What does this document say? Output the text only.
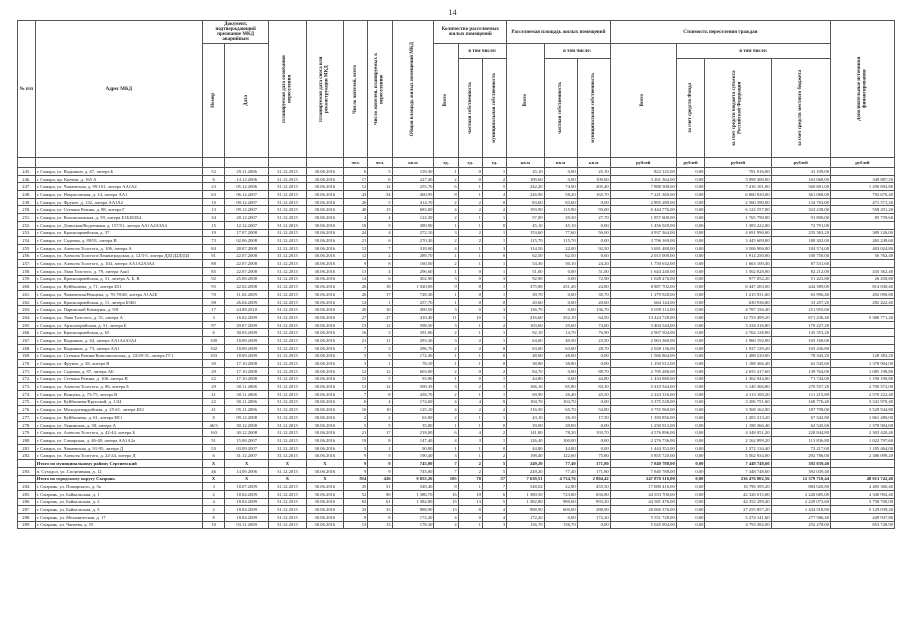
14
№ п/п	Адрес МКД	Документ, подтверждающий признание МКД аварийным		Планируемая дата окончания переселения	Планируемая дата сноса или реконструкции МКД	Число жителей, всего	Число жителей, планируемых к переселению	Общая площадь жилых помещений МКД	Количество расселяемых жилых помещений			Расселяемая площадь жилых помещений			Стоимость переселения граждан				Дополнительные источники финансирования

		Номер	Дата						Всего	в том числе:		Всего	в том числе:		Всего	в том числе:			

										частная собственность	муниципальная собственность		частная собственность	муниципальная собственность		за счет средств Фонда	за счет средств бюджета субъекта Российской Федерации	за счет средств местного бюджета	

						чел.	чел.	кв.м	ед.	ед.	ед.	кв.м	кв.м	кв.м	рублей	рублей	рублей	рублей	рублей
245.	г. Самара, ул. Водников, д. 67, литера Б	52	29.11.2006	31.12.2015	30.06.2016	6	5	159,30	1	0	1	25,10	0,00	25,10	822 125,00	0,00	781 016,00	41 109,00	
246.	г. Самара, пр. Киевов, д. 165 А	6	14.12.2006	31.12.2015	30.06.2016	17	6	227,40	2	0	2	109,60	0,00	109,60	3 261 364,00	0,00	3 098 300,00	163 068,00	349 887,20
247.	г. Самара, ул. Чапаевская, д. 99-101, литера АА1А2	23	05.12.2006	31.12.2015	30.06.2016	12	12	255,70	6	1	5	242,20	74,90	205,40	7 888 508,00	0,00	7 416 101,00	560 681,00	1 290 692,80
248.	г. Самара, ул. Некрасовская, д. 14, литера АА1	63	06.12.2007	31.12.2015	30.06.2016	43	34	460,95	8	1	4	226,90	58,20	165,70	7 221 360,00	0,00	6 860 920,00	361 068,00	792 670,40
249.	г. Самара, ул. Фрунзе, д. 132, литера АА1А2	10	09.12.2007	31.12.2015	30.06.2016	20	5	414,70	2	2	0	83,60	83,60	0,00	2 895 289,00	0,00	2 560 390,00	134 763,00	471 571,20
250.	г. Самара, ул. Степана Разина, д. 88, литера Г	13	09.12.2007	31.12.2015	30.06.2016	40	15	683,00	4	2	2	193,90	115,90	95,00	6 444 776,00	0,00	6 122 557,00	322 238,00	558 291,20
251.	г. Самара, ул. Волоколамская, д. 59, литера Б1Б2Б3Б4	34	28.12.2007	31.12.2015	30.06.2016	4	4	122,30	2	1	1	57,00	29,30	27,70	1 857 600,00	0,00	1 765 790,00	91 800,00	85 759,60
252.	г. Самара, ул. Дзинская/Водоемная, д. 157/51, литера АА1А2А3А4	15	12.12.2007	31.12.2015	30.06.2016	18	5	389,90	1	1	0	45,10	45,10	0,00	1 456 029,00	0,00	1 383 222,00	72 791,00	
253.	г. Самара, ул. Красноармейская, д. 37	19	17.07.2008	31.12.2015	30.06.2016	24	4	272,10	3	2	1	153,60	77,60	56,00	4 937 364,00	0,00	4 691 990,00	235 363,20	389 126,00
254.	г. Самара, ул. Садовая, д. 89/91, литера В	73	02.06.2008	31.12.2015	30.06.2016	21	6	270,30	2	2	1	115,70	115,70	0,00	3 796 169,00	0,00	3 445 609,00	180 302,00	265 249,60
255.	г. Самара, ул. Алексея Толстого, д. 106, литера А	84	28.07.2008	31.12.2015	30.06.2016	13	7	318,00	4	1	3	114,50	22,00	92,50	3 691 480,00	0,00	3 506 906,00	184 574,00	403 024,80
256.	г. Самара, ул. Алексея Толстого/Ленинградская, д. 12/3-5, литера ДД1Д2Д3Д4	91	22.07.2008	31.12.2015	30.06.2016	12	2	289,70	1	1	0	62,50	62,50	0,00	2 015 000,00	0,00	1 914 250,00	100 750,00	56 762,40
257.	г. Самара, ул. Алексея Толстого, д. 104, литера АА1А2А3А4	88	22.07.2008	31.12.2015	30.06.2016	9	8	160,50	2	1	1	54,30	30,10	24,20	1 750 632,00	0,00	1 663 100,40	87 531,60	
258.	г. Самара, ул. Льва Толстого, д. 79, литера Ааа1	85	22.07.2008	31.12.2015	30.06.2016	13	4	296,60	1	0	1	51,00	0,00	51,00	1 644 240,00	0,00	1 562 028,00	82 212,00	435 362,40
259.	г. Самара, ул. Красноармейская, д. 31, литера А, Б, В	92	25.08.2008	31.12.2015	30.06.2016	14	6	302,90	3	0	3	92,90	0,00	72,90	1 028 476,00	0,00	977 052,20	51 423,80	26 458,80
260.	г. Самара, ул. Куйбышева, д. 71, литера Б51	95	22.02.2008	31.12.2015	30.06.2016	26	18	1 920,09	9	8	1	375,88	251,40	24,80	8 887 702,00	0,00	8 447 203,00	444 389,00	814 030,40
261.	г. Самара, ул. Чапаевская/Венцека, д. 76-78/48, литера А1А2Б	70	11.02.2009	31.12.2015	30.06.2016	26	17	728,30	1	0	1	39,70	0,00	39,70	1 279 928,00	0,00	1 215 931,60	63 996,40	492 090,80
262.	г. Самара, ул. Красноармейская, д. 11, литера Б5Б6	98	26.04.2009	31.12.2015	30.06.2016	14	1	257,70	1	0	0	20,60	0,00	20,60	664 144,00	0,00	630 936,80	33 207,20	282 422,40
263.	г. Самара, ул. Парижской Коммуны, д. 9/8	17	24.08.2010	31.12.2015	30.06.2016	20	10	490,50	3	0	3	136,70	0,00	136,70	5 039 112,00	0,00	4 787 156,40	251 955,60	
264.	г. Самара, ул. Льва Толстого, д. 31, литера А	3	16.02.2009	31.12.2015	30.06.2016	27	27	410,40	11	10	1	416,60	352,10	64,50	13 424 728,00	0,00	12 753 499,20	671 236,40	5 380 771,20
265.	г. Самара, ул. Артиллерийская, д. 31, литера Б	97	29.07.2009	31.12.2015	30.06.2016	13	12	398,50	3	1	2	103,60	29,60	74,00	3 404 544,00	0,00	3 234 316,80	170 227,20	
266.	г. Самара, ул. Красноармейская, д. 65	6	30.03.2009	31.12.2015	30.06.2016	16	3	391,00	2	1	1	92,10	14,70	76,90	2 907 504,00	0,00	2 762 128,80	145 353,20	
267.	г. Самара, ул. Водников, д. 64, литера АА1А2А3А4	100	18.08.2009	31.12.2015	30.06.2016	21	11	293,30	3	2	1	64,00	40,50	23,50	2 063 360,00	0,00	1 960 192,00	103 168,00	
268.	г. Самара, ул. Водников, д. 73, литера АА1	102	18.08.2009	31.12.2015	30.06.2016	7	3	296,70	2	2	0	63,00	63,00	28,70	2 028 136,00	0,00	1 927 129,20	103 436,80	
269.	г. Самара, ул. Степана Разина/Комсомольская, д. 23/29-31, литера ГГ1	103	18.09.2009	31.12.2015	30.06.2016	5	5	172,40	1	1	0	48,00	48,00	0,00	1 566 864,00	0,00	1 488 520,80	78 343,20	128 383,20
270.	г. Самара, ул. Фрунзе, д. 38, литера В	30	17.10.2008	31.12.2015	30.06.2016	3	1	78,10	1	1	0	38,80	38,80	0,00	1 250 912,00	0,00	1 188 366,40	62 545,60	1 378 904,00
271.	г. Самара, ул. Садовая, д. 87, литера АБ	29	17.10.2008	31.12.2015	30.06.2016	12	12	603,00	2	0	2	84,70	0,00	88,70	2 795 280,00	0,00	2 655 417,60	139 764,00	1 085 198,80
272.	г. Самара, ул. Степана Разина, д. 106, литера В	22	17.10.2008	31.12.2015	30.06.2016	15	5	93,90	1	0	1	44,80	0,00	44,80	1 434 880,00	0,00	1 362 944,00	71 744,00	1 190 190,80
273.	г. Самара, ул. Алексея Толстого, д. 86, литера Б	29	30.11.2006	31.12.2015	30.06.2016	13	12	500,39	3	2	1	166,10	85,80	84,30	5 410 544,00	0,00	5 140 366,80	270 557,20	2 700 572,00
274.	г. Самара, ул. Венцека, д. 73-75, литера В	21	30.11.2006	31.12.2015	30.06.2016	7	8	458,70	2	1	1	69,90	26,40	43,50	2 224 316,00	0,00	2 113 100,20	111 215,80	2 570 222,40
275.	г. Самара, ул. Куйбышева/Крупской, д. 1/24	22	30.11.2006	31.12.2015	30.06.2016	6	4	174,60	4	4	0	104,70	104,70	0,00	3 375 528,00	0,00	3 206 751,60	168 776,40	3 341 970,40
276.	г. Самара, ул. Молодогвардейская, д. 25-61, литера ББ1	41	05.11.2006	31.12.2015	30.06.2016	16	10	125,10	4	2	2	116,50	65,70	54,80	3 755 960,00	0,00	3 568 162,00	187 798,00	3 529 944,80
277.	г. Самара, ул. Куйбышева, д. 61, литера ЕЕ1	8	09.12.2008	31.12.2015	30.06.2016	2	2	63,90	2	1	1	43,10	26,10	17,50	1 350 856,00	0,00	1 283 313,20	67 542,80	1 861 480,00
278.	г. Самара, ул. Ленинская, д. 38, литера А	46/3	30.12.2008	31.12.2015	30.06.2016	5	5	35,00	1	1	0	39,00	39,00	0,00	1 250 912,00	0,00	1 188 366,40	62 545,60	1 378 904,00
279.	г. Самара, ул. Алексея Толстого, д. 42-44, литера Б	163	30.12.2008	31.12.2015	30.06.2016	21	17	218,00	6	4	2	141,80	78,20	193,70	4 576 896,00	0,00	4 348 051,20	228 844,80	2 303 420,40
280.	г. Самара, ул. Самарская, д. 46-48, литера АА1А2а	51	15.08.2007	31.12.2015	30.06.2016	19	8	147,40	4	3	1	126,40	100,00	0,00	2 276 736,00	0,00	2 162 899,20	113 836,80	1 022 797,60
281.	г. Самара, ул. Чапаевская, д. 91-95, литера Д	53	03.09.2007	31.12.2015	30.06.2016	5	1	90,80	1	1	0	44,80	44,80	0,00	1 444 352,00	0,00	1 372 134,40	72 217,60	1 185 464,00
282.	г. Самара, ул. Алексея Толстого, д. 22-24, литера Д	6	31.12.2007	31.12.2015	30.06.2016	9	5	190,40	3	1	2	198,40	122,60	75,80	5 855 720,00	0,00	5 562 934,00	292 786,00	2 386 099,20
	Итого по муниципальному району Сергиевский	X	X	X	X	9	9	745,00	7	2	5	249,20	77,40	171,80	7 840 788,00	0,00	7 448 748,60	392 039,40	
283.	п. Суходол, ул. Спортивная, д. 12	46	14.09.2006	31.12.2015	30.06.2016	9	9	745,00	7	2	5	249,20	77,40	171,80	7 840 788,00	0,00	7 448 748,60	392 039,40	
	Итого по городскому округу Сызрань	X	X	X	X	914	426	9 055,26	105	78	57	7 639,51	4 734,76	2 804,42	247 870 316,00	0,00	236 476 802,56	12 379 710,44	48 013 742,40
284.	г. Сызрань, ул. Пожарского, д. 5а	3	18.07.2009	31.12.2015	30.06.2016	35	31	548,40	8	1	7	548,02	22,80	455,50	17 680 416,00	0,00	16 796 395,20	884 020,80	4 483 360,40
285.	г. Сызрань, ул. Байкальская, д. 1	2	18.04.2009	31.12.2015	30.06.2016	52	90	1 380,70	16	10	6	1 380,50	723,80	656,80	44 553 700,00	0,00	42 326 015,00	2 226 685,00	4 340 992,40
286.	г. Сызрань, ул. Байкальская, д. 2	4	18.04.2009	31.12.2015	30.06.2016	64	61	1 382,80	15	13	5	1 382,80	989,60	993,20	44 581 476,00	0,00	42 352 299,40	2 229 073,60	3 758 700,00
287.	г. Сызрань, ул. Байкальская, д. 3	2	18.04.2009	31.12.2015	30.06.2016	33	33	888,90	13	8	4	888,90	600,00	288,90	28 660 376,00	0,00	27 255 857,20	1 434 518,80	5 129 039,20
288.	г. Сызрань, ул. Механическая, д. 17	8	18.04.2009	31.12.2015	30.06.2016	9	8	172,20	4	0	4	172,20	0,00	172,20	5 551 728,00	0,00	5 274 141,60	277 586,40	449 947,80
289.	г. Сызрань, ул. Чапаева, д. 55	10	03.11.2009	31.12.2015	30.06.2016	13	13	178,30	4	1	3	156,70	156,70	0,00	5 045 904,00	0,00	4 793 582,00	252 278,00	853 748,90
